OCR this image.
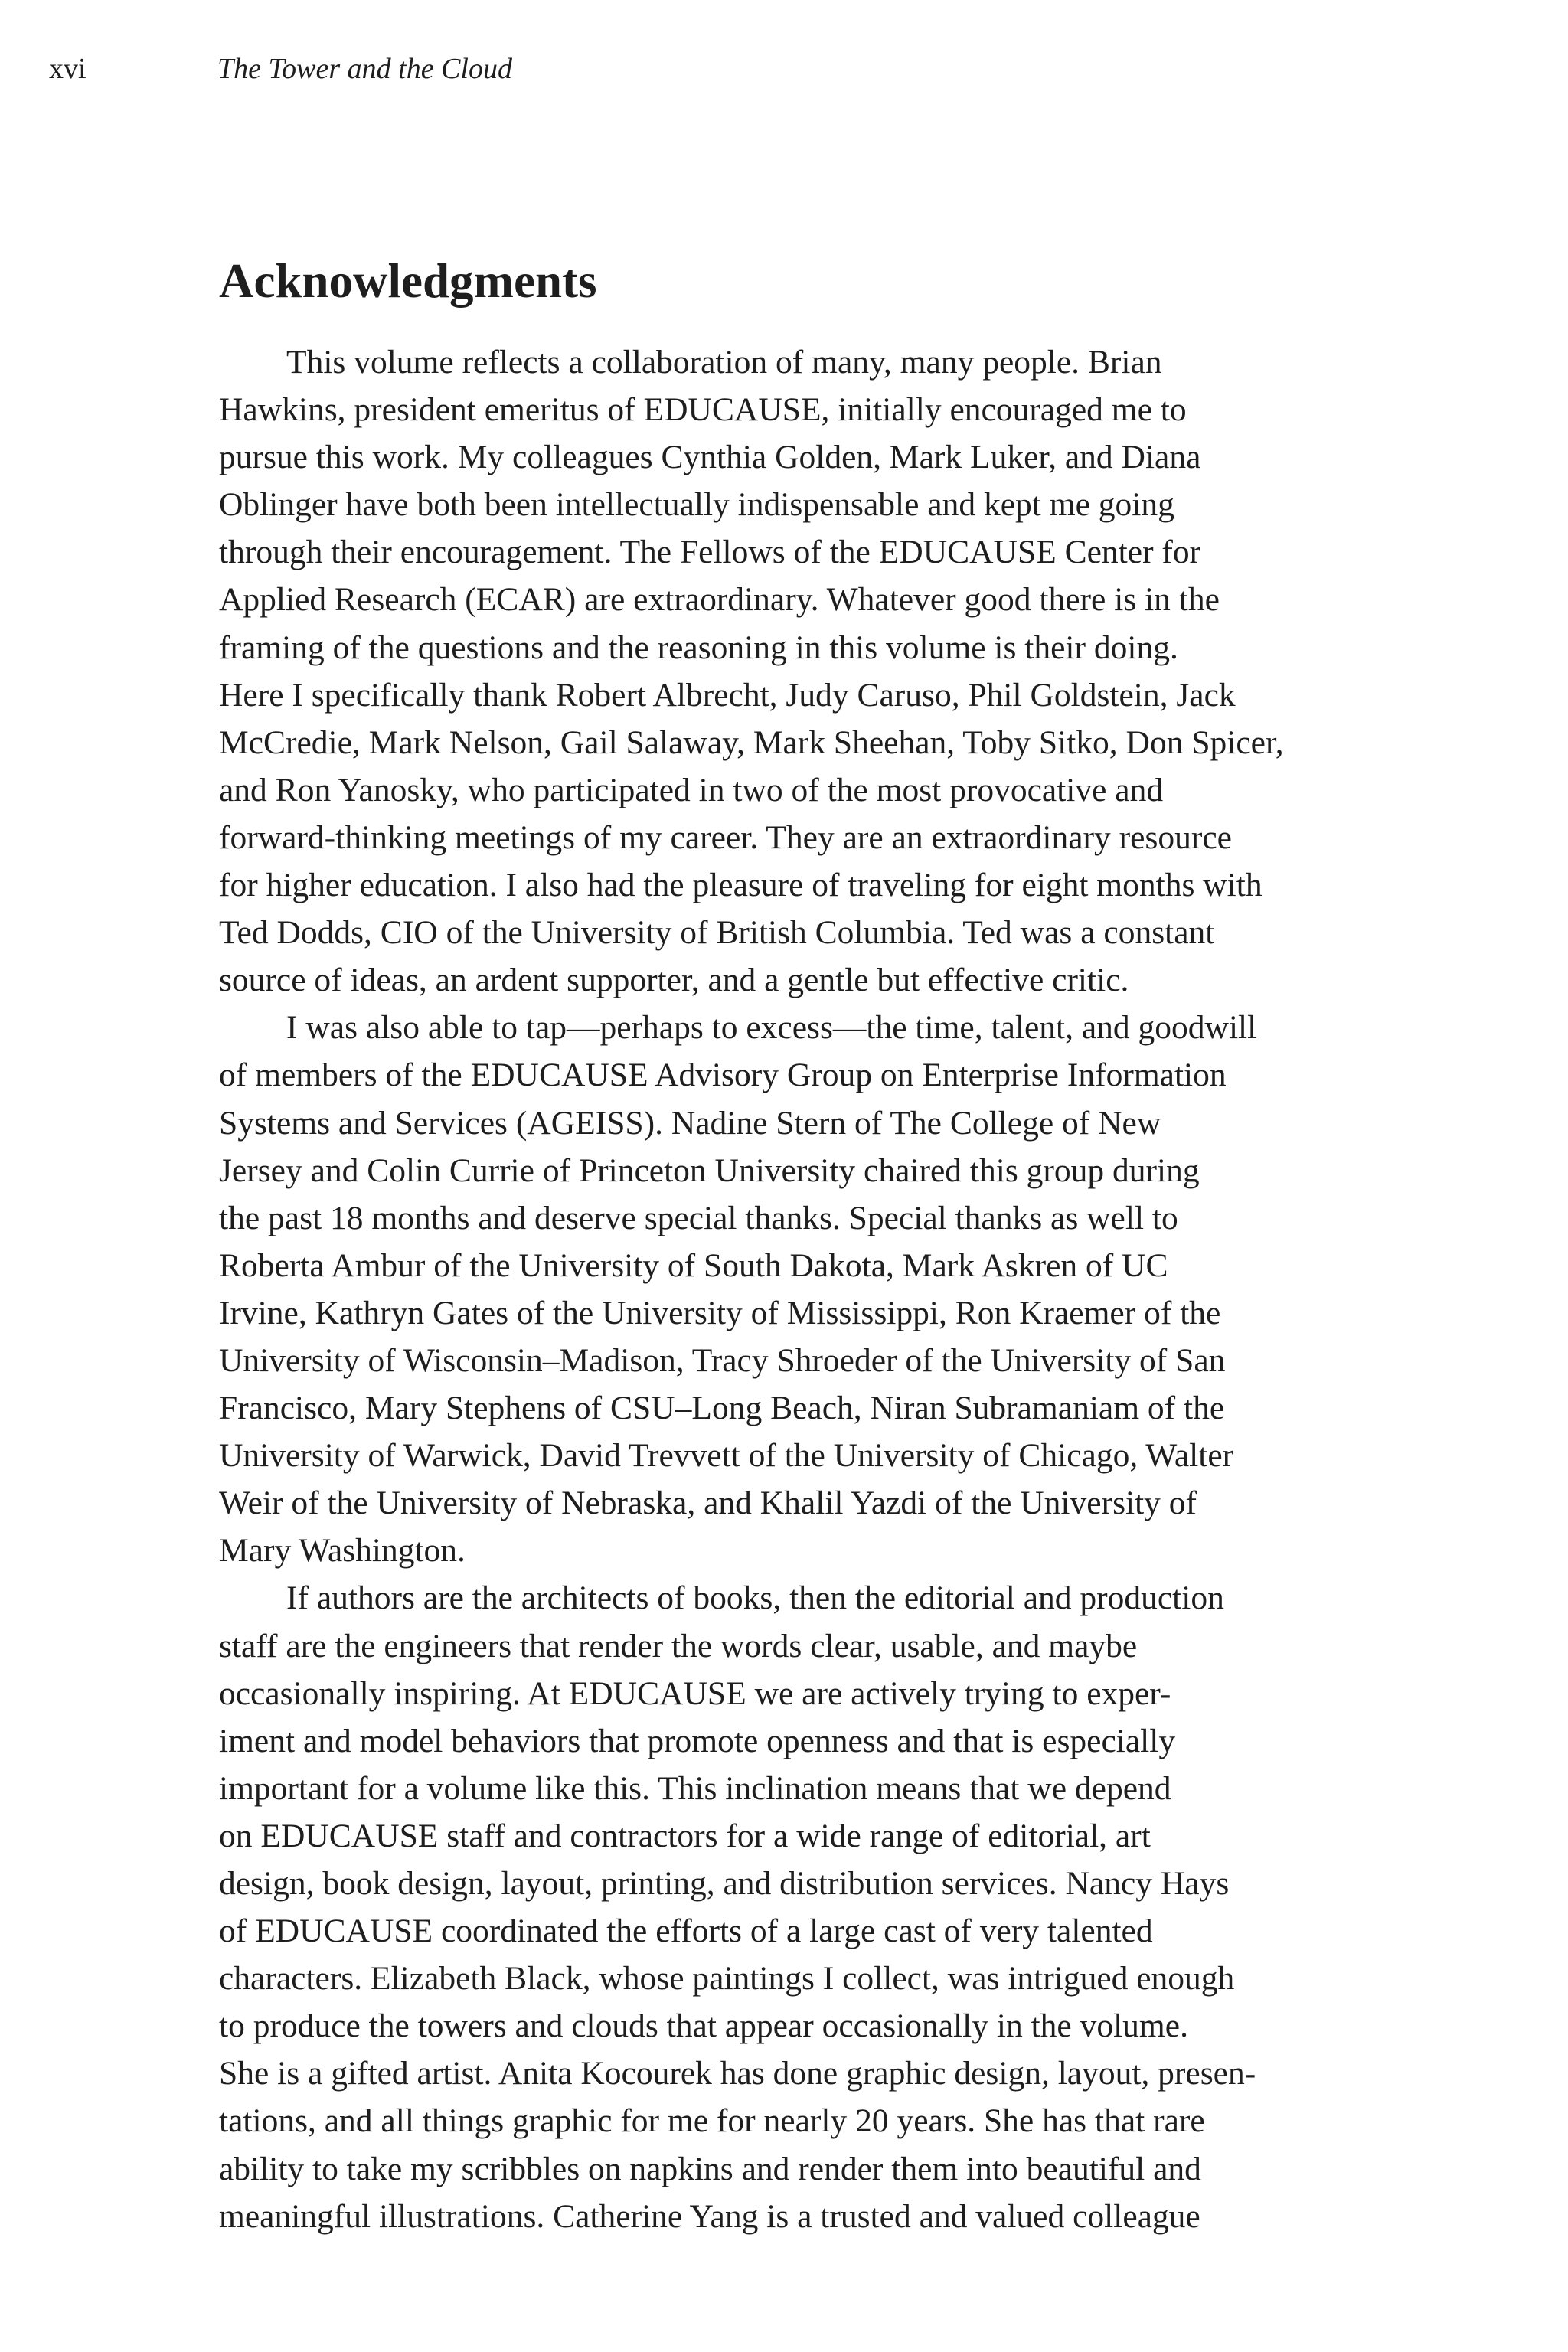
xvi	The Tower and the Cloud
Acknowledgments
This volume reflects a collaboration of many, many people. Brian
Hawkins, president emeritus of EDUCAUSE, initially encouraged me to
pursue this work. My colleagues Cynthia Golden, Mark Luker, and Diana
Oblinger have both been intellectually indispensable and kept me going
through their encouragement. The Fellows of the EDUCAUSE Center for
Applied Research (ECAR) are extraordinary. Whatever good there is in the
framing of the questions and the reasoning in this volume is their doing.
Here I specifically thank Robert Albrecht, Judy Caruso, Phil Goldstein, Jack
McCredie, Mark Nelson, Gail Salaway, Mark Sheehan, Toby Sitko, Don Spicer,
and Ron Yanosky, who participated in two of the most provocative and
forward-thinking meetings of my career. They are an extraordinary resource
for higher education. I also had the pleasure of traveling for eight months with
Ted Dodds, CIO of the University of British Columbia. Ted was a constant
source of ideas, an ardent supporter, and a gentle but effective critic.
I was also able to tap—perhaps to excess—the time, talent, and goodwill
of members of the EDUCAUSE Advisory Group on Enterprise Information
Systems and Services (AGEISS). Nadine Stern of The College of New
Jersey and Colin Currie of Princeton University chaired this group during
the past 18 months and deserve special thanks. Special thanks as well to
Roberta Ambur of the University of South Dakota, Mark Askren of UC
Irvine, Kathryn Gates of the University of Mississippi, Ron Kraemer of the
University of Wisconsin–Madison, Tracy Shroeder of the University of San
Francisco, Mary Stephens of CSU–Long Beach, Niran Subramaniam of the
University of Warwick, David Trevvett of the University of Chicago, Walter
Weir of the University of Nebraska, and Khalil Yazdi of the University of
Mary Washington.
If authors are the architects of books, then the editorial and production
staff are the engineers that render the words clear, usable, and maybe
occasionally inspiring. At EDUCAUSE we are actively trying to exper-
iment and model behaviors that promote openness and that is especially
important for a volume like this. This inclination means that we depend
on EDUCAUSE staff and contractors for a wide range of editorial, art
design, book design, layout, printing, and distribution services. Nancy Hays
of EDUCAUSE coordinated the efforts of a large cast of very talented
characters. Elizabeth Black, whose paintings I collect, was intrigued enough
to produce the towers and clouds that appear occasionally in the volume.
She is a gifted artist. Anita Kocourek has done graphic design, layout, presen-
tations, and all things graphic for me for nearly 20 years. She has that rare
ability to take my scribbles on napkins and render them into beautiful and
meaningful illustrations. Catherine Yang is a trusted and valued colleague
